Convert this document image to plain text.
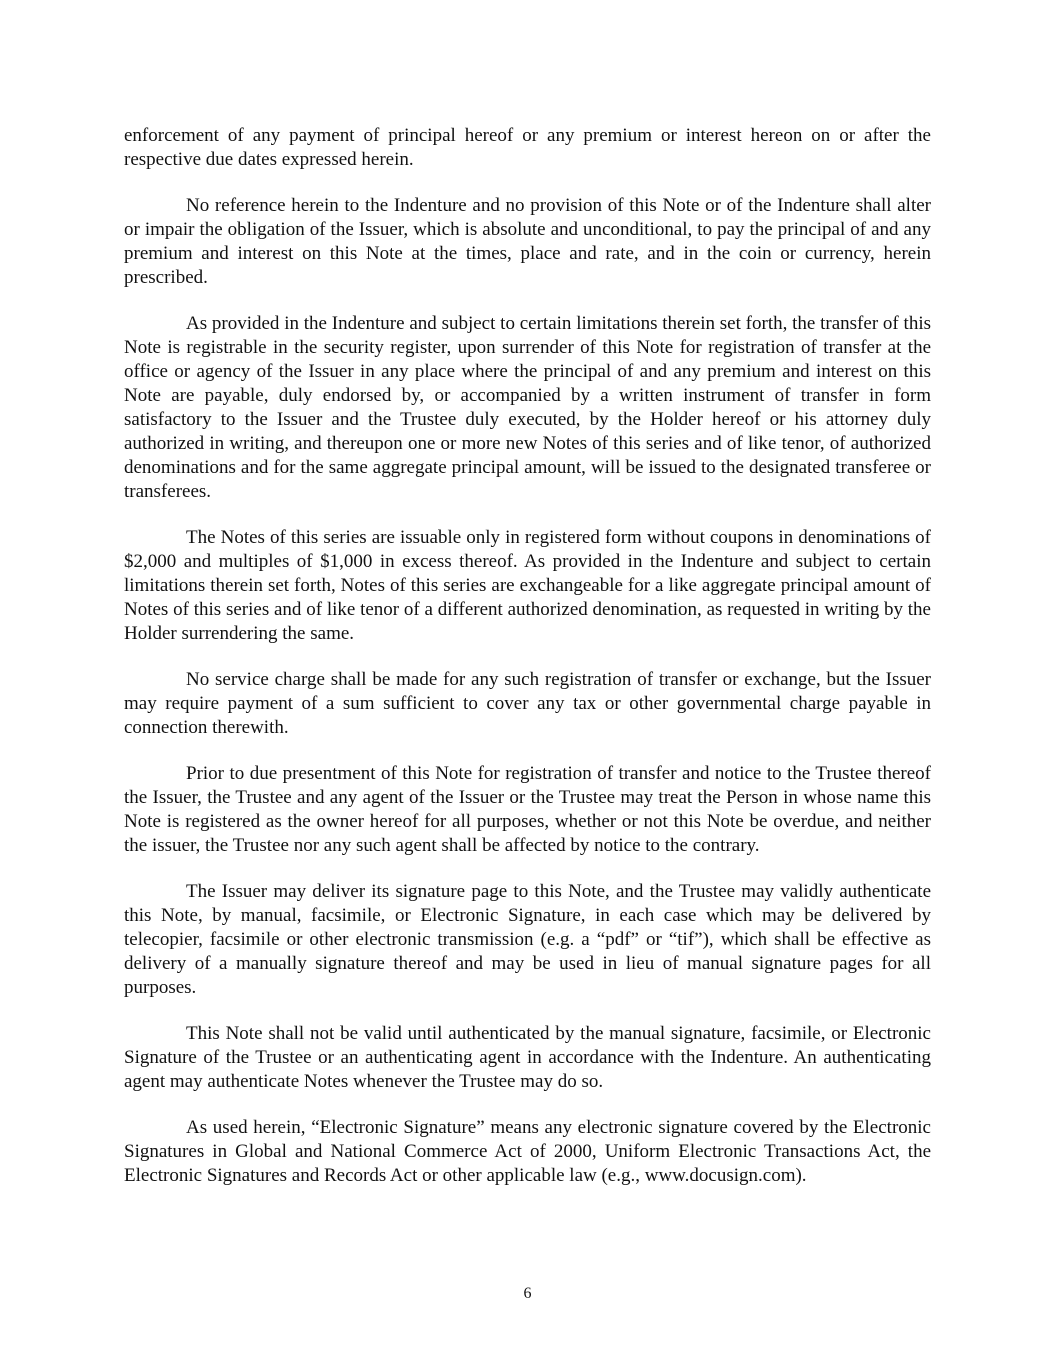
enforcement of any payment of principal hereof or any premium or interest hereon on or after the respective due dates expressed herein.

No reference herein to the Indenture and no provision of this Note or of the Indenture shall alter or impair the obligation of the Issuer, which is absolute and unconditional, to pay the principal of and any premium and interest on this Note at the times, place and rate, and in the coin or currency, herein prescribed.

As provided in the Indenture and subject to certain limitations therein set forth, the transfer of this Note is registrable in the security register, upon surrender of this Note for registration of transfer at the office or agency of the Issuer in any place where the principal of and any premium and interest on this Note are payable, duly endorsed by, or accompanied by a written instrument of transfer in form satisfactory to the Issuer and the Trustee duly executed, by the Holder hereof or his attorney duly authorized in writing, and thereupon one or more new Notes of this series and of like tenor, of authorized denominations and for the same aggregate principal amount, will be issued to the designated transferee or transferees.

The Notes of this series are issuable only in registered form without coupons in denominations of $2,000 and multiples of $1,000 in excess thereof. As provided in the Indenture and subject to certain limitations therein set forth, Notes of this series are exchangeable for a like aggregate principal amount of Notes of this series and of like tenor of a different authorized denomination, as requested in writing by the Holder surrendering the same.

No service charge shall be made for any such registration of transfer or exchange, but the Issuer may require payment of a sum sufficient to cover any tax or other governmental charge payable in connection therewith.

Prior to due presentment of this Note for registration of transfer and notice to the Trustee thereof the Issuer, the Trustee and any agent of the Issuer or the Trustee may treat the Person in whose name this Note is registered as the owner hereof for all purposes, whether or not this Note be overdue, and neither the issuer, the Trustee nor any such agent shall be affected by notice to the contrary.

The Issuer may deliver its signature page to this Note, and the Trustee may validly authenticate this Note, by manual, facsimile, or Electronic Signature, in each case which may be delivered by telecopier, facsimile or other electronic transmission (e.g. a “pdf” or “tif”), which shall be effective as delivery of a manually signature thereof and may be used in lieu of manual signature pages for all purposes.

This Note shall not be valid until authenticated by the manual signature, facsimile, or Electronic Signature of the Trustee or an authenticating agent in accordance with the Indenture. An authenticating agent may authenticate Notes whenever the Trustee may do so.

As used herein, “Electronic Signature” means any electronic signature covered by the Electronic Signatures in Global and National Commerce Act of 2000, Uniform Electronic Transactions Act, the Electronic Signatures and Records Act or other applicable law (e.g., www.docusign.com).

6
